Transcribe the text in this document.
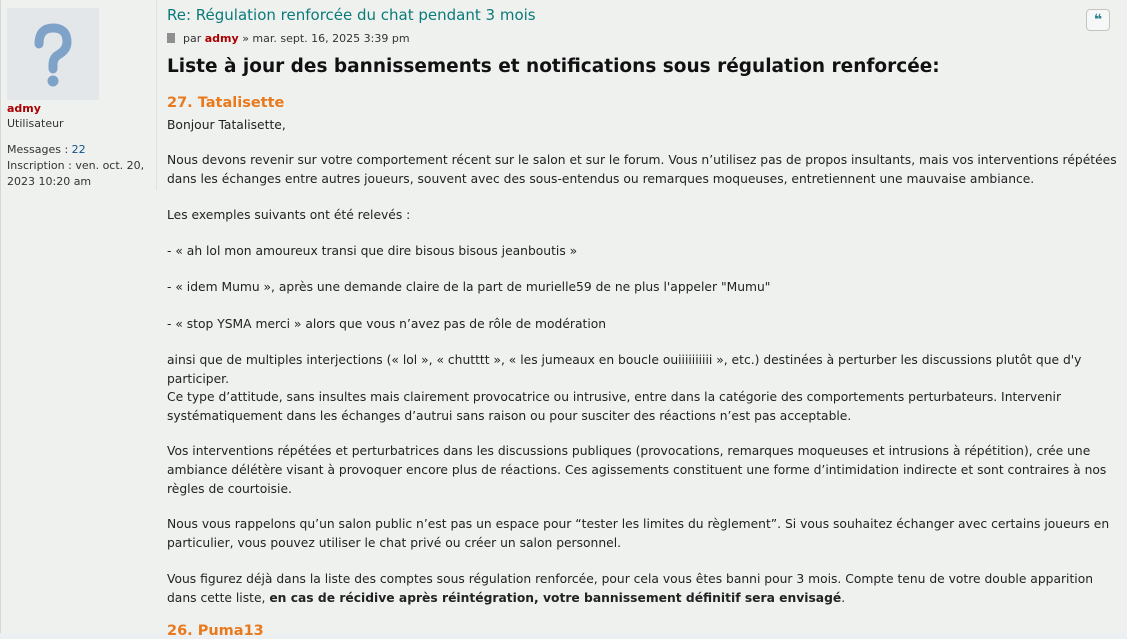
admy
Utilisateur
Messages : 22
Inscription : ven. oct. 20, 2023 10:20 am
Re: Régulation renforcée du chat pendant 3 mois	❝
par admy » mar. sept. 16, 2025 3:39 pm
Liste à jour des bannissements et notifications sous régulation renforcée:
27. Tatalisette
Bonjour Tatalisette,
Nous devons revenir sur votre comportement récent sur le salon et sur le forum. Vous n’utilisez pas de propos insultants, mais vos interventions répétées dans les échanges entre autres joueurs, souvent avec des sous-entendus ou remarques moqueuses, entretiennent une mauvaise ambiance.
Les exemples suivants ont été relevés :
- « ah lol mon amoureux transi que dire bisous bisous jeanboutis »
- « idem Mumu », après une demande claire de la part de murielle59 de ne plus l'appeler "Mumu"
- « stop YSMA merci » alors que vous n’avez pas de rôle de modération
ainsi que de multiples interjections (« lol », « chutttt », « les jumeaux en boucle ouiiiiiiiiii », etc.) destinées à perturber les discussions plutôt que d'y participer.
Ce type d’attitude, sans insultes mais clairement provocatrice ou intrusive, entre dans la catégorie des comportements perturbateurs. Intervenir systématiquement dans les échanges d’autrui sans raison ou pour susciter des réactions n’est pas acceptable.
Vos interventions répétées et perturbatrices dans les discussions publiques (provocations, remarques moqueuses et intrusions à répétition), crée une ambiance délétère visant à provoquer encore plus de réactions. Ces agissements constituent une forme d’intimidation indirecte et sont contraires à nos règles de courtoisie.
Nous vous rappelons qu’un salon public n’est pas un espace pour “tester les limites du règlement”. Si vous souhaitez échanger avec certains joueurs en particulier, vous pouvez utiliser le chat privé ou créer un salon personnel.
Vous figurez déjà dans la liste des comptes sous régulation renforcée, pour cela vous êtes banni pour 3 mois. Compte tenu de votre double apparition dans cette liste, en cas de récidive après réintégration, votre bannissement définitif sera envisagé.
26. Puma13
